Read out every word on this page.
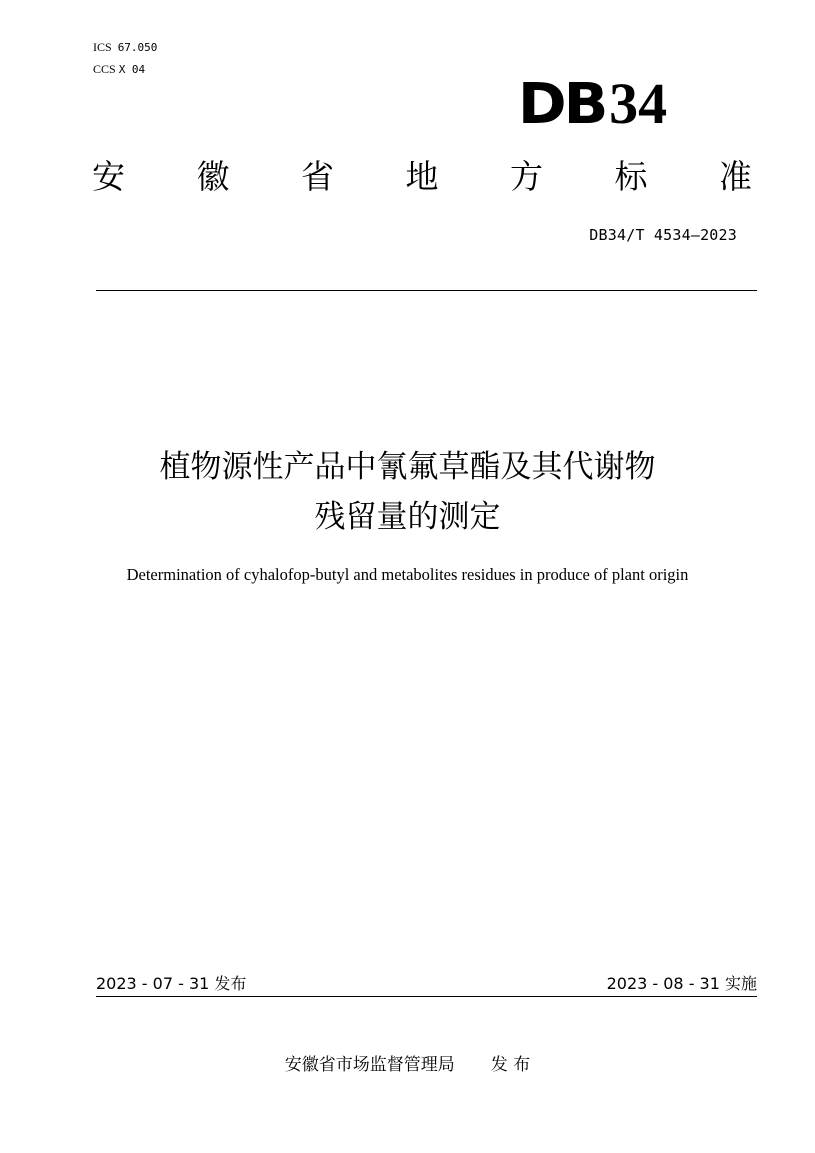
ICS 67.050
CCS X 04
DB34
安 徽 省 地 方 标 准
DB34/T 4534—2023
植物源性产品中氰氟草酯及其代谢物
残留量的测定
Determination of cyhalofop-butyl and metabolites residues in produce of plant origin
2023 - 07 - 31 发布	2023 - 08 - 31 实施
安徽省市场监督管理局 发 布
